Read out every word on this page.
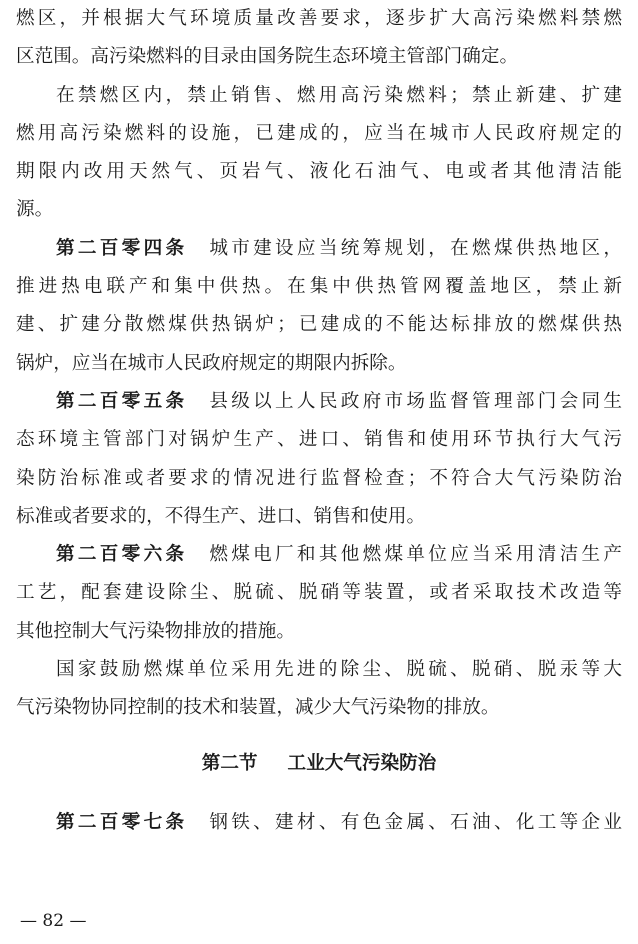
燃区，并根据大气环境质量改善要求，逐步扩大高污染燃料禁燃
区范围。高污染燃料的目录由国务院生态环境主管部门确定。
在禁燃区内，禁止销售、燃用高污染燃料；禁止新建、扩建
燃用高污染燃料的设施，已建成的，应当在城市人民政府规定的
期限内改用天然气、页岩气、液化石油气、电或者其他清洁能
源。
第二百零四条 城市建设应当统筹规划，在燃煤供热地区，
推进热电联产和集中供热。在集中供热管网覆盖地区，禁止新
建、扩建分散燃煤供热锅炉；已建成的不能达标排放的燃煤供热
锅炉，应当在城市人民政府规定的期限内拆除。
第二百零五条 县级以上人民政府市场监督管理部门会同生
态环境主管部门对锅炉生产、进口、销售和使用环节执行大气污
染防治标准或者要求的情况进行监督检查；不符合大气污染防治
标准或者要求的，不得生产、进口、销售和使用。
第二百零六条 燃煤电厂和其他燃煤单位应当采用清洁生产
工艺，配套建设除尘、脱硫、脱硝等装置，或者采取技术改造等
其他控制大气污染物排放的措施。
国家鼓励燃煤单位采用先进的除尘、脱硫、脱硝、脱汞等大
气污染物协同控制的技术和装置，减少大气污染物的排放。
第二节 工业大气污染防治
第二百零七条 钢铁、建材、有色金属、石油、化工等企业
— 82 —
